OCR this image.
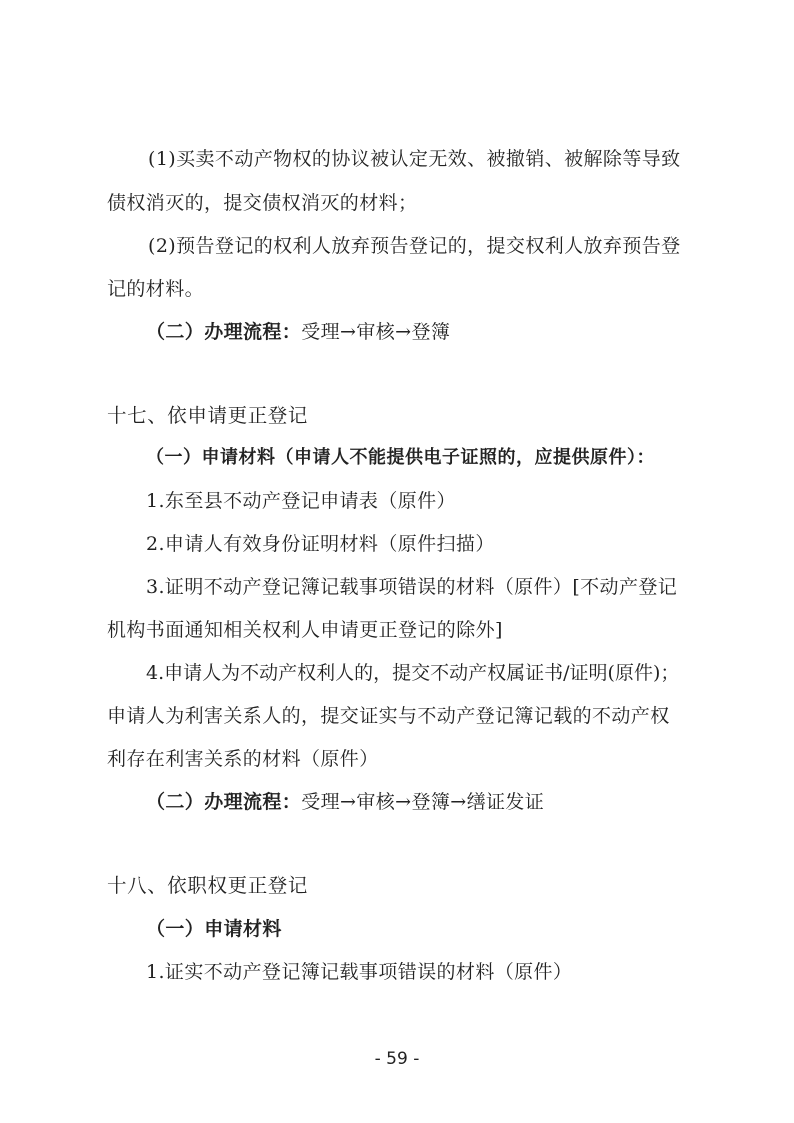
(1)买卖不动产物权的协议被认定无效、被撤销、被解除等导致
债权消灭的，提交债权消灭的材料；
(2)预告登记的权利人放弃预告登记的，提交权利人放弃预告登
记的材料。
（二）办理流程：受理→审核→登簿
十七、依申请更正登记
（一）申请材料（申请人不能提供电子证照的，应提供原件）：
1.东至县不动产登记申请表（原件）
2.申请人有效身份证明材料（原件扫描）
3.证明不动产登记簿记载事项错误的材料（原件）[不动产登记
机构书面通知相关权利人申请更正登记的除外]
4.申请人为不动产权利人的，提交不动产权属证书/证明(原件)；
申请人为利害关系人的，提交证实与不动产登记簿记载的不动产权
利存在利害关系的材料（原件）
（二）办理流程：受理→审核→登簿→缮证发证
十八、依职权更正登记
（一）申请材料
1.证实不动产登记簿记载事项错误的材料（原件）
- 59 -
